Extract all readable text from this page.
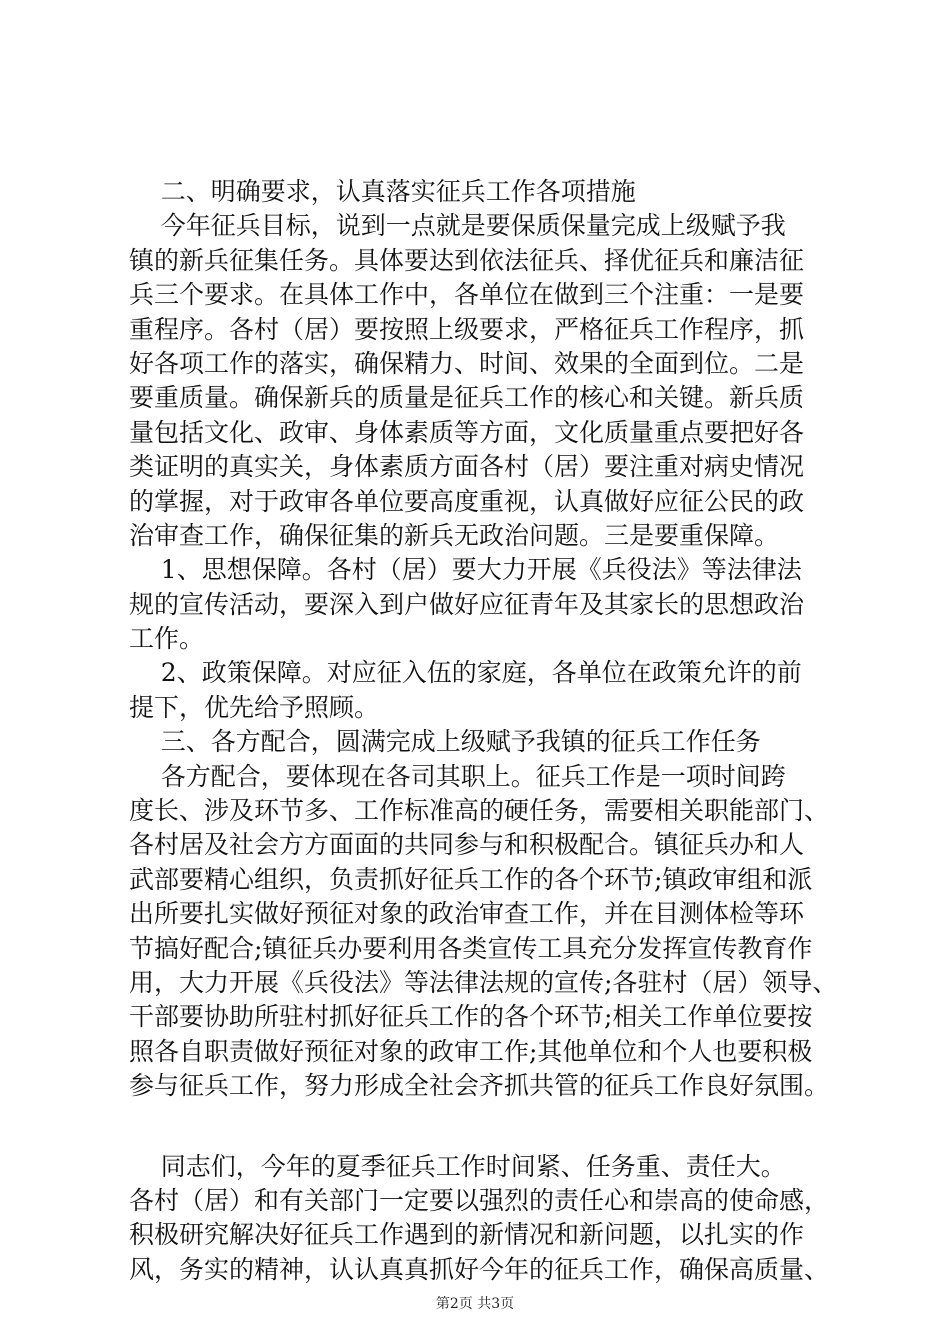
二、明确要求，认真落实征兵工作各项措施
今年征兵目标，说到一点就是要保质保量完成上级赋予我
镇的新兵征集任务。具体要达到依法征兵、择优征兵和廉洁征
兵三个要求。在具体工作中，各单位在做到三个注重：一是要
重程序。各村（居）要按照上级要求，严格征兵工作程序，抓
好各项工作的落实，确保精力、时间、效果的全面到位。二是
要重质量。确保新兵的质量是征兵工作的核心和关键。新兵质
量包括文化、政审、身体素质等方面，文化质量重点要把好各
类证明的真实关，身体素质方面各村（居）要注重对病史情况
的掌握，对于政审各单位要高度重视，认真做好应征公民的政
治审查工作，确保征集的新兵无政治问题。三是要重保障。
1、思想保障。各村（居）要大力开展《兵役法》等法律法
规的宣传活动，要深入到户做好应征青年及其家长的思想政治
工作。
2、政策保障。对应征入伍的家庭，各单位在政策允许的前
提下，优先给予照顾。
三、各方配合，圆满完成上级赋予我镇的征兵工作任务
各方配合，要体现在各司其职上。征兵工作是一项时间跨
度长、涉及环节多、工作标准高的硬任务，需要相关职能部门、
各村居及社会方方面面的共同参与和积极配合。镇征兵办和人
武部要精心组织，负责抓好征兵工作的各个环节;镇政审组和派
出所要扎实做好预征对象的政治审查工作，并在目测体检等环
节搞好配合;镇征兵办要利用各类宣传工具充分发挥宣传教育作
用，大力开展《兵役法》等法律法规的宣传;各驻村（居）领导、
干部要协助所驻村抓好征兵工作的各个环节;相关工作单位要按
照各自职责做好预征对象的政审工作;其他单位和个人也要积极
参与征兵工作，努力形成全社会齐抓共管的征兵工作良好氛围。
同志们，今年的夏季征兵工作时间紧、任务重、责任大。
各村（居）和有关部门一定要以强烈的责任心和崇高的使命感，
积极研究解决好征兵工作遇到的新情况和新问题，以扎实的作
风，务实的精神，认认真真抓好今年的征兵工作，确保高质量、
第2页 共3页
